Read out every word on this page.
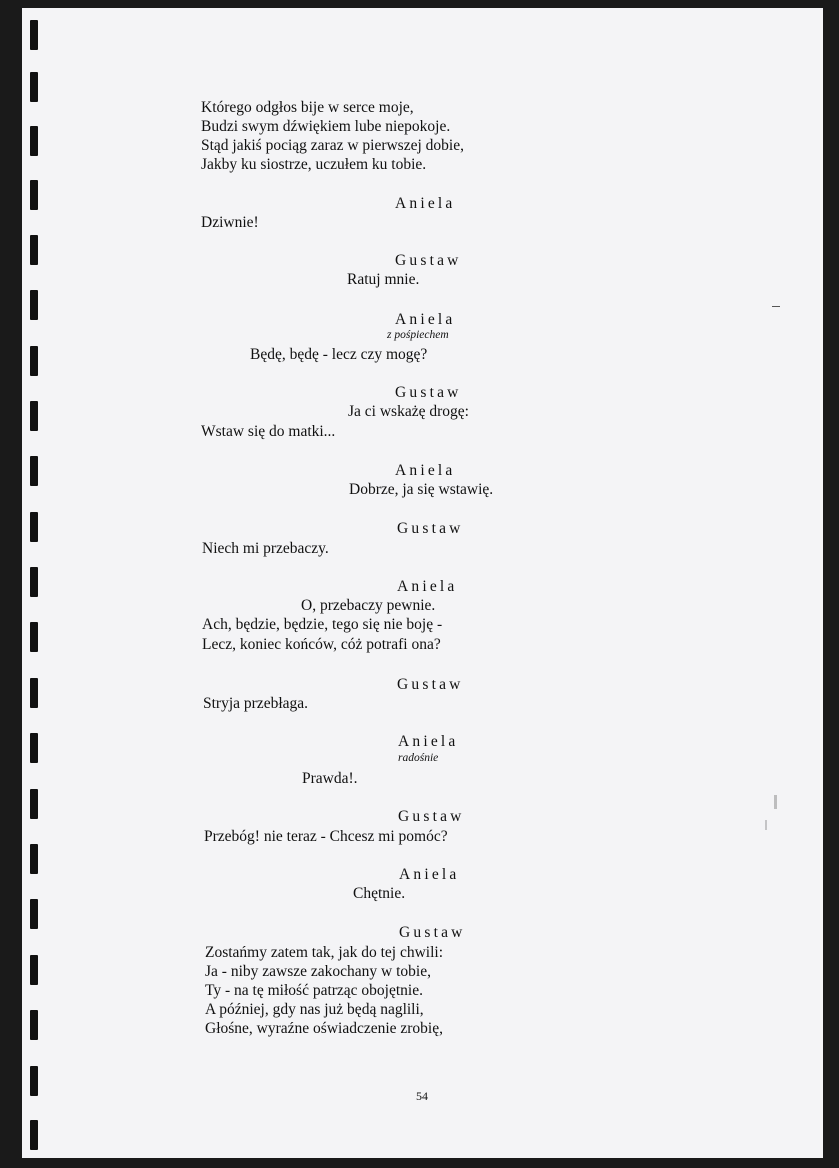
Którego odgłos bije w serce moje,
Budzi swym dźwiękiem lube niepokoje.
Stąd jakiś pociąg zaraz w pierwszej dobie,
Jakby ku siostrze, uczułem ku tobie.
Aniela
Dziwnie!
Gustaw
Ratuj mnie.
Aniela
z pośpiechem
Będę, będę - lecz czy mogę?
Gustaw
Ja ci wskażę drogę:
Wstaw się do matki...
Aniela
Dobrze, ja się wstawię.
Gustaw
Niech mi przebaczy.
Aniela
O, przebaczy pewnie.
Ach, będzie, będzie, tego się nie boję -
Lecz, koniec końców, cóż potrafi ona?
Gustaw
Stryja przebłaga.
Aniela
radośnie
Prawda!.
Gustaw
Przebóg! nie teraz - Chcesz mi pomóc?
Aniela
Chętnie.
Gustaw
Zostańmy zatem tak, jak do tej chwili:
Ja - niby zawsze zakochany w tobie,
Ty - na tę miłość patrząc obojętnie.
A później, gdy nas już będą naglili,
Głośne, wyraźne oświadczenie zrobię,
54
